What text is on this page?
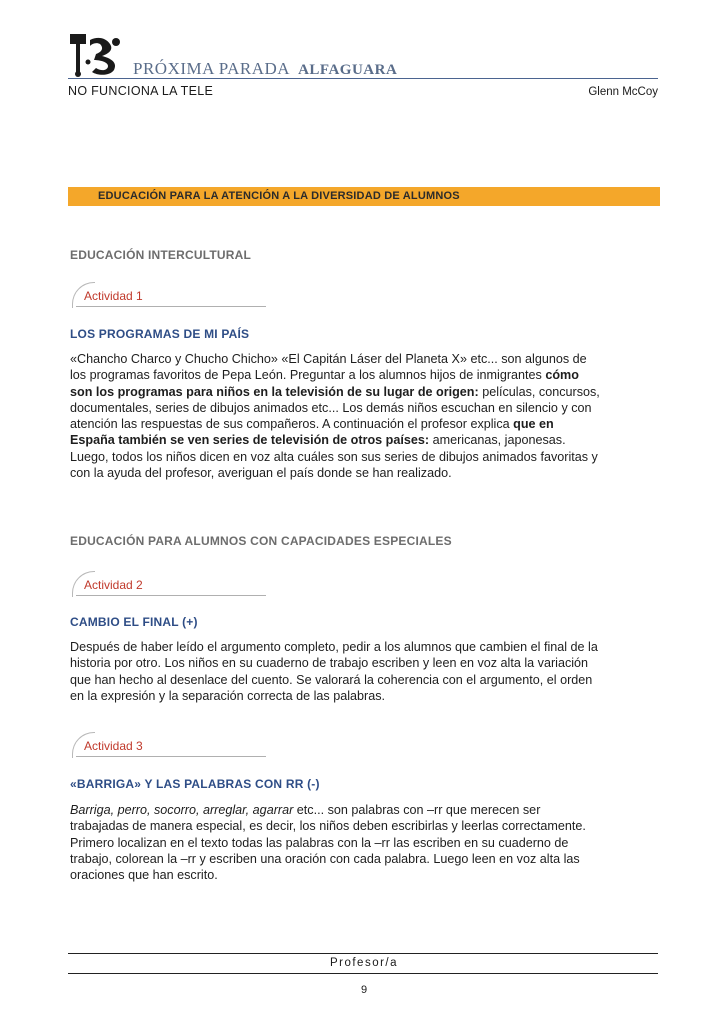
PRÓXIMA PARADA ALFAGUARA
NO FUNCIONA LA TELE	Glenn McCoy
EDUCACIÓN PARA LA ATENCIÓN A LA DIVERSIDAD DE ALUMNOS
EDUCACIÓN INTERCULTURAL
Actividad 1
LOS PROGRAMAS DE MI PAÍS

«Chancho Charco y Chucho Chicho» «El Capitán Láser del Planeta X» etc... son algunos de

los programas favoritos de Pepa León. Preguntar a los alumnos hijos de inmigrantes cómo

son los programas para niños en la televisión de su lugar de origen: películas, concursos,

documentales, series de dibujos animados etc... Los demás niños escuchan en silencio y con

atención las respuestas de sus compañeros. A continuación el profesor explica que en

España también se ven series de televisión de otros países: americanas, japonesas.

Luego, todos los niños dicen en voz alta cuáles son sus series de dibujos animados favoritas y

con la ayuda del profesor, averiguan el país donde se han realizado.

EDUCACIÓN PARA ALUMNOS CON CAPACIDADES ESPECIALES
Actividad 2
CAMBIO EL FINAL (+)

Después de haber leído el argumento completo, pedir a los alumnos que cambien el final de la

historia por otro. Los niños en su cuaderno de trabajo escriben y leen en voz alta la variación

que han hecho al desenlace del cuento. Se valorará la coherencia con el argumento, el orden

en la expresión y la separación correcta de las palabras.

Actividad 3
«BARRIGA» Y LAS PALABRAS CON RR (-)

Barriga, perro, socorro, arreglar, agarrar etc... son palabras con –rr que merecen ser

trabajadas de manera especial, es decir, los niños deben escribirlas y leerlas correctamente.

Primero localizan en el texto todas las palabras con la –rr las escriben en su cuaderno de

trabajo, colorean la –rr y escriben una oración con cada palabra. Luego leen en voz alta las

oraciones que han escrito.

Profesor/a
9
